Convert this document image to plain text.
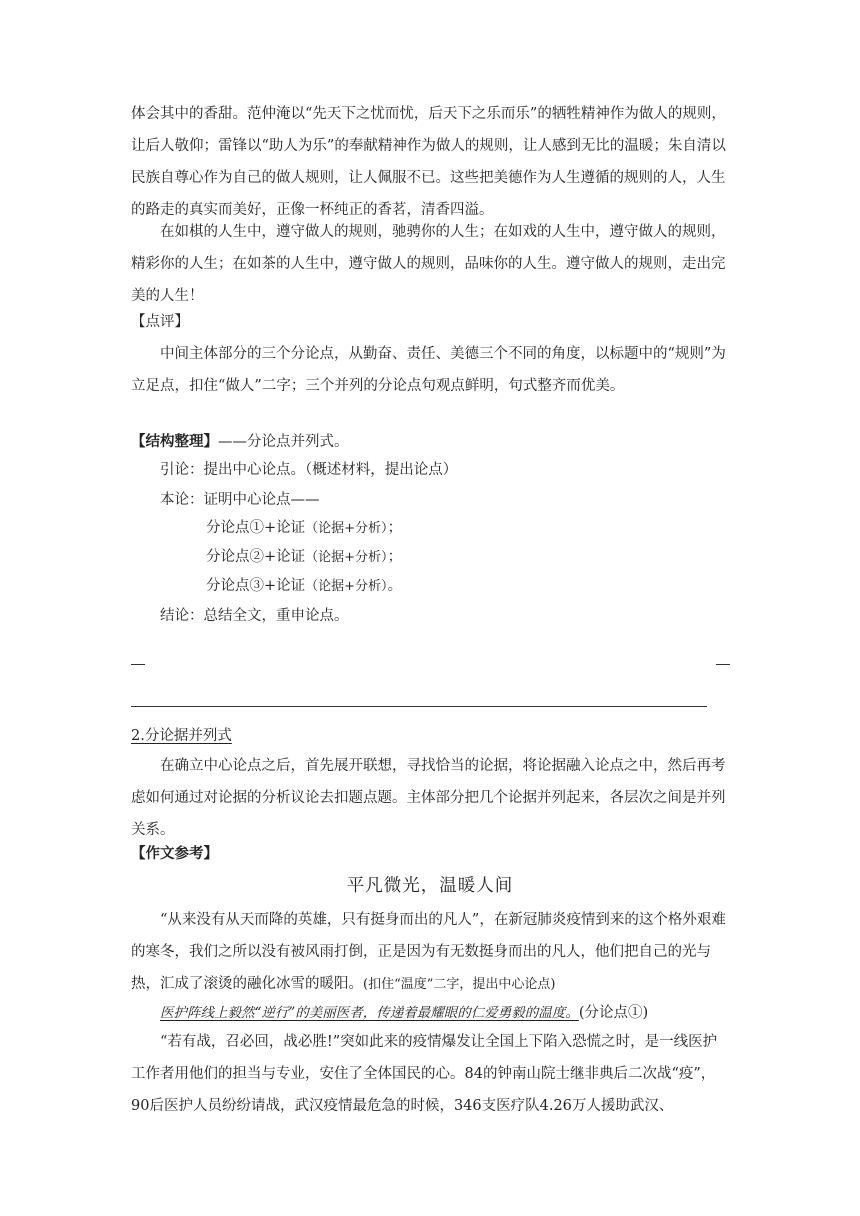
体会其中的香甜。范仲淹以“先天下之忧而忧，后天下之乐而乐”的牺牲精神作为做人的规则，让后人敬仰；雷锋以“助人为乐”的奉献精神作为做人的规则，让人感到无比的温暖；朱自清以民族自尊心作为自己的做人规则，让人佩服不已。这些把美德作为人生遵循的规则的人，人生的路走的真实而美好，正像一杯纯正的香茗，清香四溢。

在如棋的人生中，遵守做人的规则，驰骋你的人生；在如戏的人生中，遵守做人的规则，精彩你的人生；在如茶的人生中，遵守做人的规则，品味你的人生。遵守做人的规则，走出完美的人生！

【点评】

中间主体部分的三个分论点，从勤奋、责任、美德三个不同的角度，以标题中的“规则”为立足点，扣住“做人”二字；三个并列的分论点句观点鲜明，句式整齐而优美。

【结构整理】——分论点并列式。
引论：提出中心论点。（概述材料，提出论点）
本论：证明中心论点——
分论点①+论证（论据+分析）；
分论点②+论证（论据+分析）；
分论点③+论证（论据+分析）。
结论：总结全文，重申论点。
2.分论据并列式

在确立中心论点之后，首先展开联想，寻找恰当的论据，将论据融入论点之中，然后再考虑如何通过对论据的分析议论去扣题点题。主体部分把几个论据并列起来，各层次之间是并列关系。

【作文参考】
平凡微光，温暖人间

“从来没有从天而降的英雄，只有挺身而出的凡人”，在新冠肺炎疫情到来的这个格外艰难的寒冬，我们之所以没有被风雨打倒，正是因为有无数挺身而出的凡人，他们把自己的光与热，汇成了滚烫的融化冰雪的暖阳。(扣住“温度”二字，提出中心论点)

医护阵线上毅然“逆行”的美丽医者，传递着最耀眼的仁爱勇毅的温度。(分论点①)

“若有战，召必回，战必胜!”突如此来的疫情爆发让全国上下陷入恐慌之时，是一线医护工作者用他们的担当与专业，安住了全体国民的心。84的钟南山院士继非典后二次战“疫”，90后医护人员纷纷请战，武汉疫情最危急的时候，346支医疗队4.26万人援助武汉、
